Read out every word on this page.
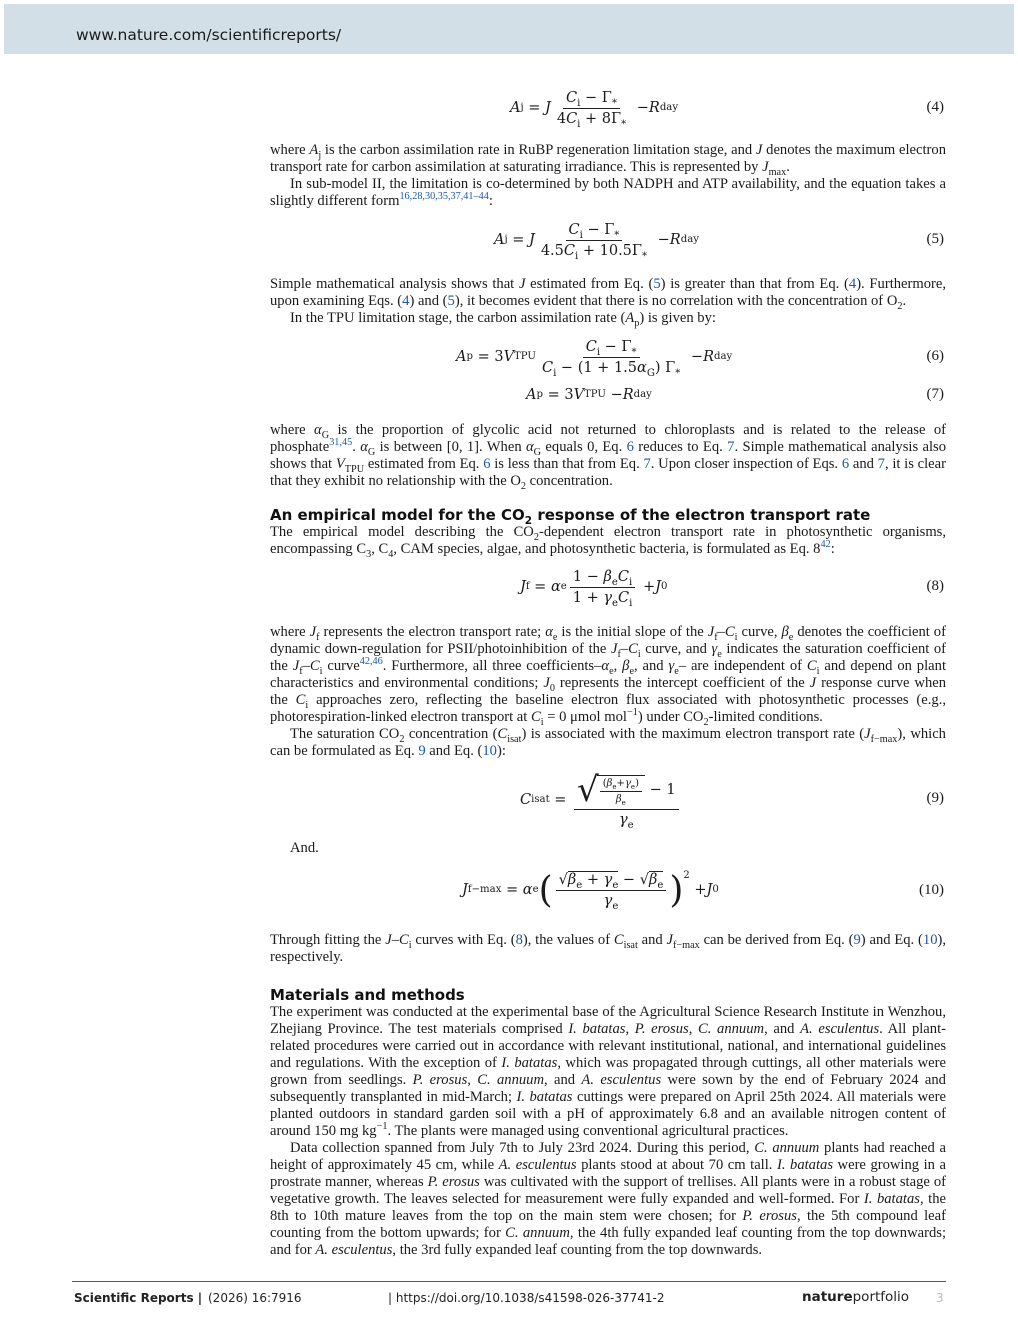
www.nature.com/scientificreports/
A j = J $\frac{C_i - \Gamma_*}{4C_i + 8\Gamma_*} - R$ day	(4)

where $A_j$ is the carbon assimilation rate in RuBP regeneration limitation stage, and J denotes the maximum electron transport rate for carbon assimilation at saturating irradiance. This is represented by $J_{max}$.

In sub-model II, the limitation is co-determined by both NADPH and ATP availability, and the equation takes a slightly different form$^{16,28,30,35,37,41-44}$:

A j = J $\frac{C_i - \Gamma_*}{4.5C_i + 10.5\Gamma_*} - R$ day	(5)

Simple mathematical analysis shows that J estimated from Eq. (5) is greater than that from Eq. (4). Furthermore, upon examining Eqs. (4) and (5), it becomes evident that there is no correlation with the concentration of $O_2$.

In the TPU limitation stage, the carbon assimilation rate $(A_p)$ is given by:

A p = 3 V TPU $\frac{C_i - \Gamma_*}{C_i - (1 + 1.5\alpha_G) \Gamma_*} - R$ day	(6)
A p = 3 V TPU − R day	(7)

where $\alpha_G$ is the proportion of glycolic acid not returned to chloroplasts and is related to the release of phosphate$^{31,45}$. $\alpha_G$ is between [0, 1]. When $\alpha_G$ equals 0, Eq. 6 reduces to Eq. 7. Simple mathematical analysis also shows that $V_{TPU}$ estimated from Eq. 6 is less than that from Eq. 7. Upon closer inspection of Eqs. 6 and 7, it is clear that they exhibit no relationship with the $O_2$ concentration.

An empirical model for the $CO_2$ response of the electron transport rate

The empirical model describing the $CO_2$-dependent electron transport rate in photosynthetic organisms, encompassing $C_3$, $C_4$, CAM species, algae, and photosynthetic bacteria, is formulated as Eq. 8$^{42}$:

J f = α e $\frac{1 - \beta_eC_i}{1 + \gamma_eC_i} + J$ 0	(8)

where $J_f$ represents the electron transport rate; $\alpha_e$ is the initial slope of the $J_f-C_i$ curve, $\beta_e$ denotes the coefficient of dynamic down-regulation for PSII/photoinhibition of the $J_f-C_i$ curve, and $\gamma_e$ indicates the saturation coefficient of the $J_f-C_i$ curve$^{42,46}$. Furthermore, all three coefficients–$\alpha_e$, $\beta_e$, and $\gamma_e-$ are independent of $C_i$ and depend on plant characteristics and environmental conditions; $J_0$ represents the intercept coefficient of the J response curve when the $C_i$ approaches zero, reflecting the baseline electron flux associated with photosynthetic processes (e.g., photorespiration-linked electron transport at $C_i = 0$ μmol mol$^{-1}$) under $CO_2$-limited conditions.

The saturation $CO_2$ concentration $(C_{isat})$ is associated with the maximum electron transport rate $(J_{f-max})$, which can be formulated as Eq. 9 and Eq. (10):

C isat = $\frac{√ \frac{(\beta_e+\gamma_e)}{\beta_e} - 1}{\gamma_e}$	(9)

And.

J f−max = α e ( $\frac{√\beta_e + \gamma_e - √\beta_e}{\gamma_e} )^2$
+ J 0	(10)

Through fitting the $J-C_i$ curves with Eq. (8), the values of $C_{isat}$ and $J_{f-max}$ can be derived from Eq. (9) and Eq. (10), respectively.

Materials and methods

The experiment was conducted at the experimental base of the Agricultural Science Research Institute in Wenzhou, Zhejiang Province. The test materials comprised I. batatas, P. erosus, C. annuum, and A. esculentus. All plant-related procedures were carried out in accordance with relevant institutional, national, and international guidelines and regulations. With the exception of I. batatas, which was propagated through cuttings, all other materials were grown from seedlings. P. erosus, C. annuum, and A. esculentus were sown by the end of February 2024 and subsequently transplanted in mid-March; I. batatas cuttings were prepared on April 25th 2024. All materials were planted outdoors in standard garden soil with a pH of approximately 6.8 and an available nitrogen content of around 150 mg $kg^{-1}$. The plants were managed using conventional agricultural practices.

Data collection spanned from July 7th to July 23rd 2024. During this period, C. annuum plants had reached a height of approximately 45 cm, while A. esculentus plants stood at about 70 cm tall. I. batatas were growing in a prostrate manner, whereas P. erosus was cultivated with the support of trellises. All plants were in a robust stage of vegetative growth. The leaves selected for measurement were fully expanded and well-formed. For I. batatas, the 8th to 10th mature leaves from the top on the main stem were chosen; for P. erosus, the 5th compound leaf counting from the bottom upwards; for C. annuum, the 4th fully expanded leaf counting from the top downwards; and for A. esculentus, the 3rd fully expanded leaf counting from the top downwards.

Scientific Reports | (2026) 16:7916	| https://doi.org/10.1038/s41598-026-37741-2	natureportfolio 3
